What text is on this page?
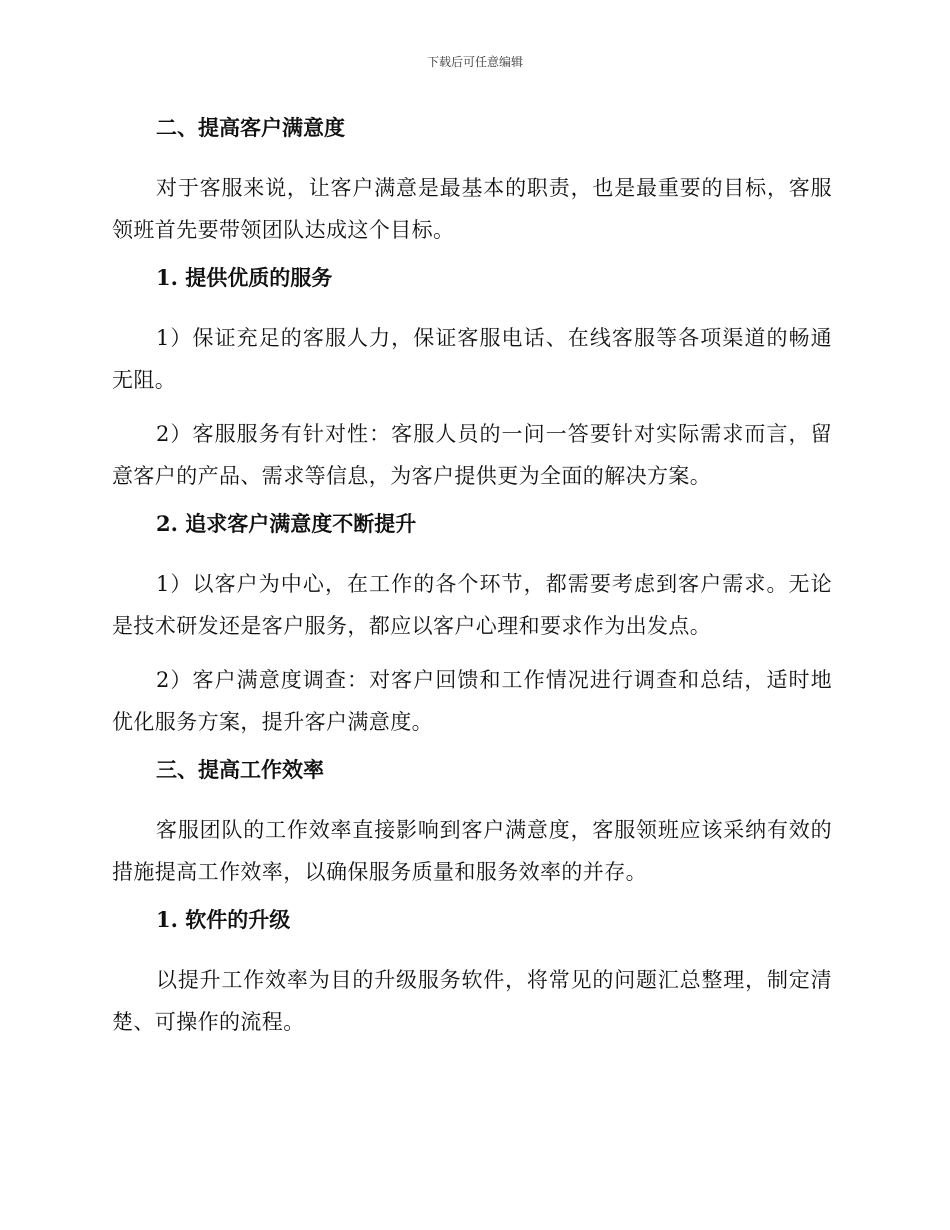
下载后可任意编辑
二、提高客户满意度

对于客服来说，让客户满意是最基本的职责，也是最重要的目标，客服领班首先要带领团队达成这个目标。

1. 提供优质的服务

1）保证充足的客服人力，保证客服电话、在线客服等各项渠道的畅通无阻。

2）客服服务有针对性：客服人员的一问一答要针对实际需求而言，留意客户的产品、需求等信息，为客户提供更为全面的解决方案。

2. 追求客户满意度不断提升

1）以客户为中心，在工作的各个环节，都需要考虑到客户需求。无论是技术研发还是客户服务，都应以客户心理和要求作为出发点。

2）客户满意度调查：对客户回馈和工作情况进行调查和总结，适时地优化服务方案，提升客户满意度。

三、提高工作效率

客服团队的工作效率直接影响到客户满意度，客服领班应该采纳有效的措施提高工作效率，以确保服务质量和服务效率的并存。

1. 软件的升级

以提升工作效率为目的升级服务软件，将常见的问题汇总整理，制定清楚、可操作的流程。
